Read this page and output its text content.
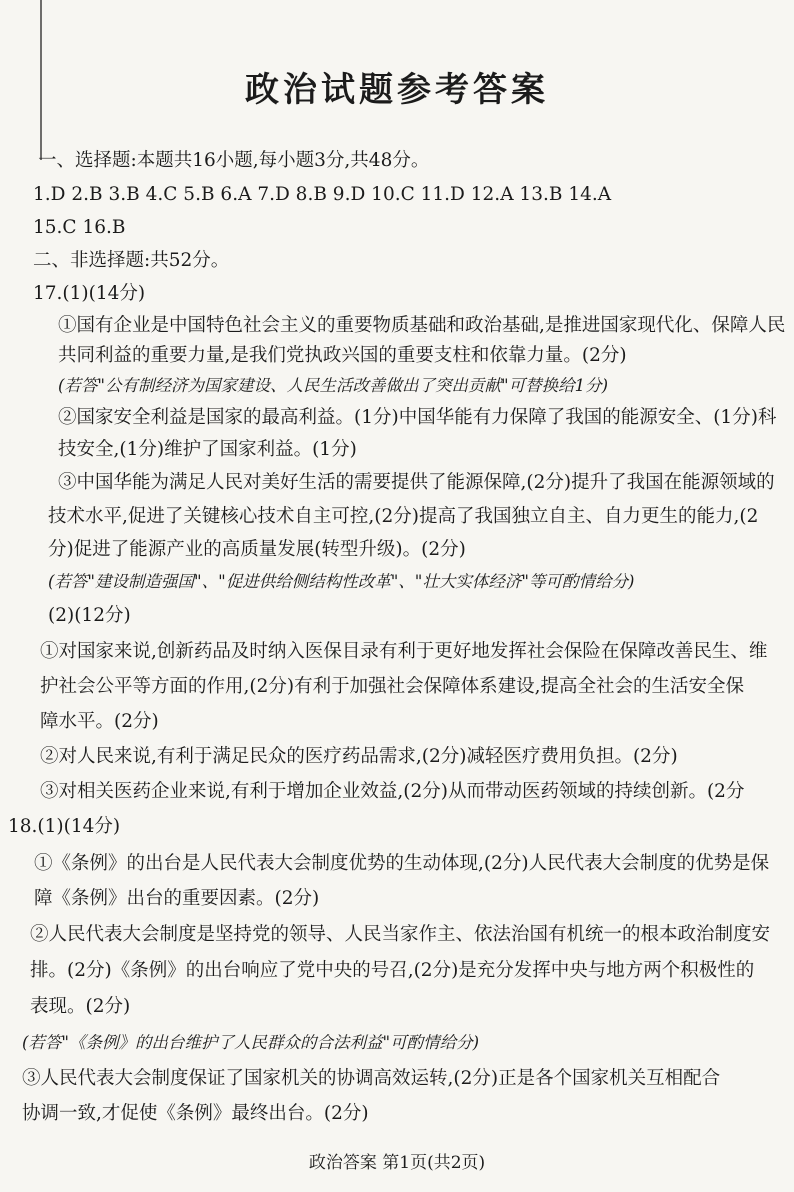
政治试题参考答案
一、选择题:本题共16小题,每小题3分,共48分。
1.D 2.B 3.B 4.C 5.B 6.A 7.D 8.B 9.D 10.C 11.D 12.A 13.B 14.A
15.C 16.B
二、非选择题:共52分。
17.(1)(14分)
①国有企业是中国特色社会主义的重要物质基础和政治基础,是推进国家现代化、保障人民
共同利益的重要力量,是我们党执政兴国的重要支柱和依靠力量。(2分)
(若答"公有制经济为国家建设、人民生活改善做出了突出贡献"可替换给1分)
②国家安全利益是国家的最高利益。(1分)中国华能有力保障了我国的能源安全、(1分)科
技安全,(1分)维护了国家利益。(1分)
③中国华能为满足人民对美好生活的需要提供了能源保障,(2分)提升了我国在能源领域的
技术水平,促进了关键核心技术自主可控,(2分)提高了我国独立自主、自力更生的能力,(2
分)促进了能源产业的高质量发展(转型升级)。(2分)
(若答"建设制造强国"、"促进供给侧结构性改革"、"壮大实体经济"等可酌情给分)
(2)(12分)
①对国家来说,创新药品及时纳入医保目录有利于更好地发挥社会保险在保障改善民生、维
护社会公平等方面的作用,(2分)有利于加强社会保障体系建设,提高全社会的生活安全保
障水平。(2分)
②对人民来说,有利于满足民众的医疗药品需求,(2分)减轻医疗费用负担。(2分)
③对相关医药企业来说,有利于增加企业效益,(2分)从而带动医药领域的持续创新。(2分
18.(1)(14分)
①《条例》的出台是人民代表大会制度优势的生动体现,(2分)人民代表大会制度的优势是保
障《条例》出台的重要因素。(2分)
②人民代表大会制度是坚持党的领导、人民当家作主、依法治国有机统一的根本政治制度安
排。(2分)《条例》的出台响应了党中央的号召,(2分)是充分发挥中央与地方两个积极性的
表现。(2分)
(若答"《条例》的出台维护了人民群众的合法利益"可酌情给分)
③人民代表大会制度保证了国家机关的协调高效运转,(2分)正是各个国家机关互相配合
协调一致,才促使《条例》最终出台。(2分)
政治答案 第1页(共2页)
